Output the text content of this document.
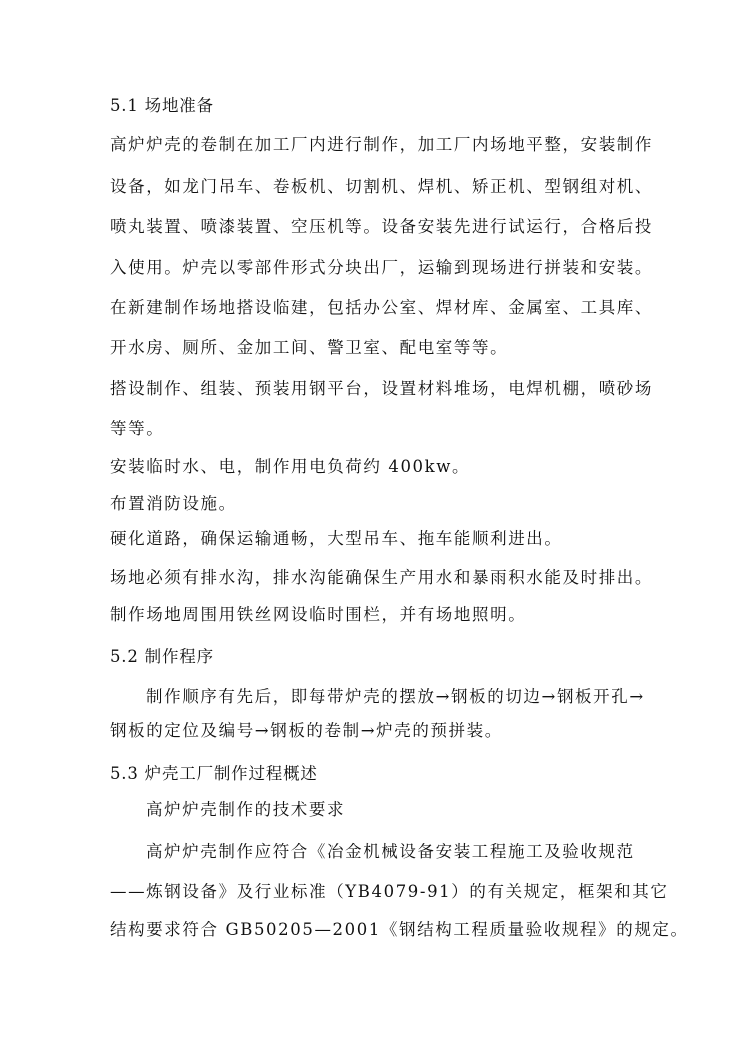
5.1 场地准备
高炉炉壳的卷制在加工厂内进行制作，加工厂内场地平整，安装制作
设备，如龙门吊车、卷板机、切割机、焊机、矫正机、型钢组对机、
喷丸装置、喷漆装置、空压机等。设备安装先进行试运行，合格后投
入使用。炉壳以零部件形式分块出厂，运输到现场进行拼装和安装。
在新建制作场地搭设临建，包括办公室、焊材库、金属室、工具库、
开水房、厕所、金加工间、警卫室、配电室等等。
搭设制作、组装、预装用钢平台，设置材料堆场，电焊机棚，喷砂场
等等。
安装临时水、电，制作用电负荷约 400kw。
布置消防设施。
硬化道路，确保运输通畅，大型吊车、拖车能顺利进出。
场地必须有排水沟，排水沟能确保生产用水和暴雨积水能及时排出。
制作场地周围用铁丝网设临时围栏，并有场地照明。
5.2 制作程序
制作顺序有先后，即每带炉壳的摆放→钢板的切边→钢板开孔→
钢板的定位及编号→钢板的卷制→炉壳的预拼装。
5.3 炉壳工厂制作过程概述
高炉炉壳制作的技术要求
高炉炉壳制作应符合《冶金机械设备安装工程施工及验收规范
——炼钢设备》及行业标准（YB4079-91）的有关规定，框架和其它
结构要求符合 GB50205—2001《钢结构工程质量验收规程》的规定。
